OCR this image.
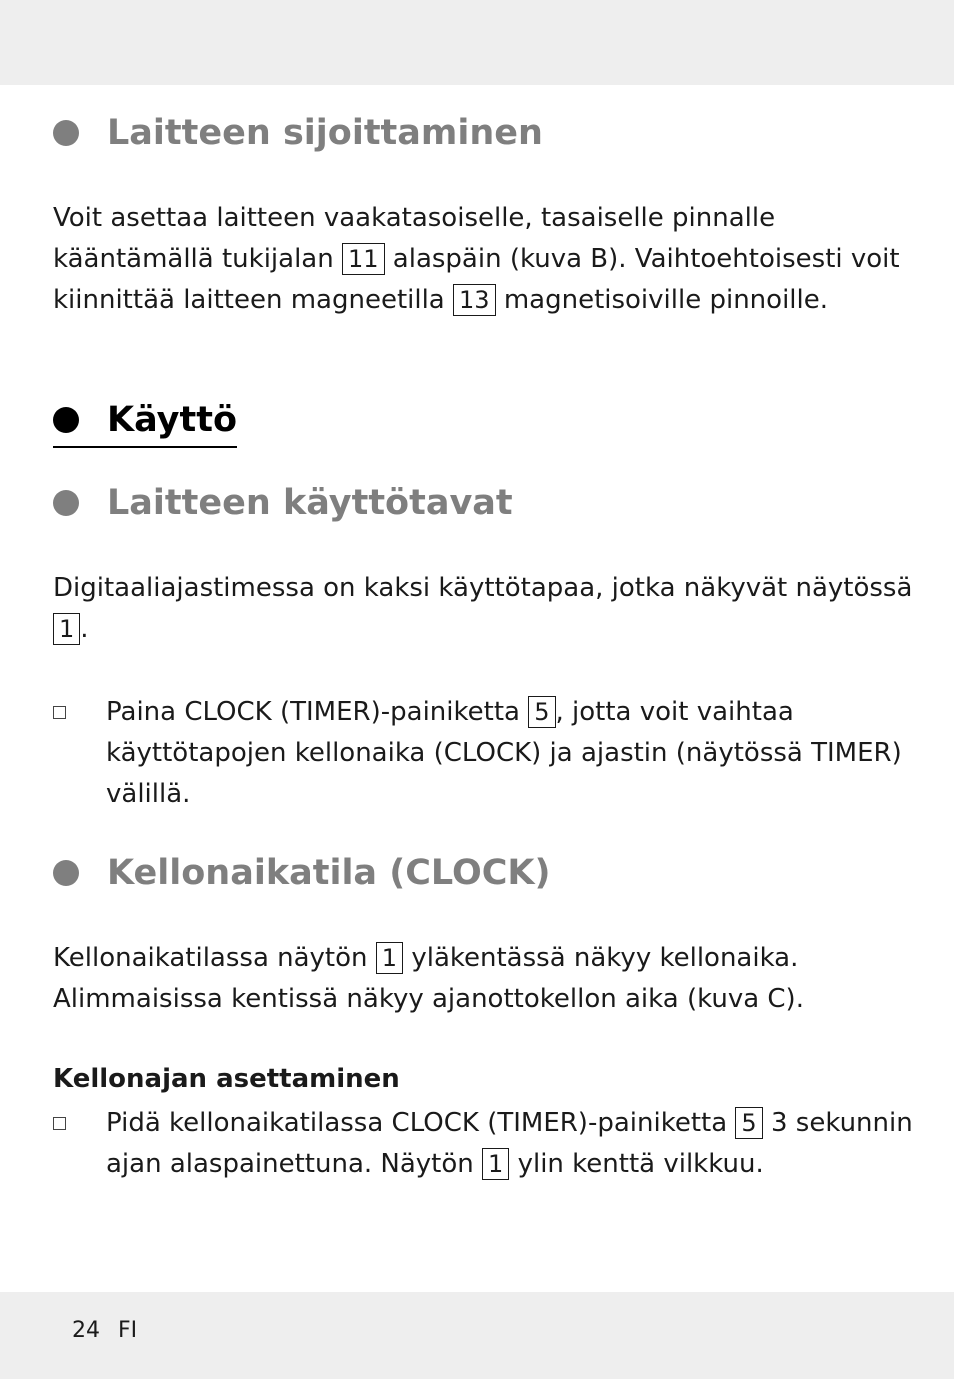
Laitteen sijoittaminen
Voit asettaa laitteen vaakatasoiselle, tasaiselle pinnalle kääntämällä tukijalan 11 alaspäin (kuva B). Vaihtoehtoisesti voit kiinnittää laitteen magneetilla 13 magnetisoiville pinnoille.
Käyttö
Laitteen käyttötavat
Digitaaliajastimessa on kaksi käyttötapaa, jotka näkyvät näytössä 1 .
Paina CLOCK (TIMER)-painiketta 5 , jotta voit vaihtaa käyttötapojen kellonaika (CLOCK) ja ajastin (näytössä TIMER) välillä.
Kellonaikatila (CLOCK)
Kellonaikatilassa näytön 1 yläkentässä näkyy kellonaika. Alimmaisissa kentissä näkyy ajanottokellon aika (kuva C).
Kellonajan asettaminen
Pidä kellonaikatilassa CLOCK (TIMER)-painiketta 5 3 sekunnin ajan alaspainettuna. Näytön 1 ylin kenttä vilkkuu.
24 FI
